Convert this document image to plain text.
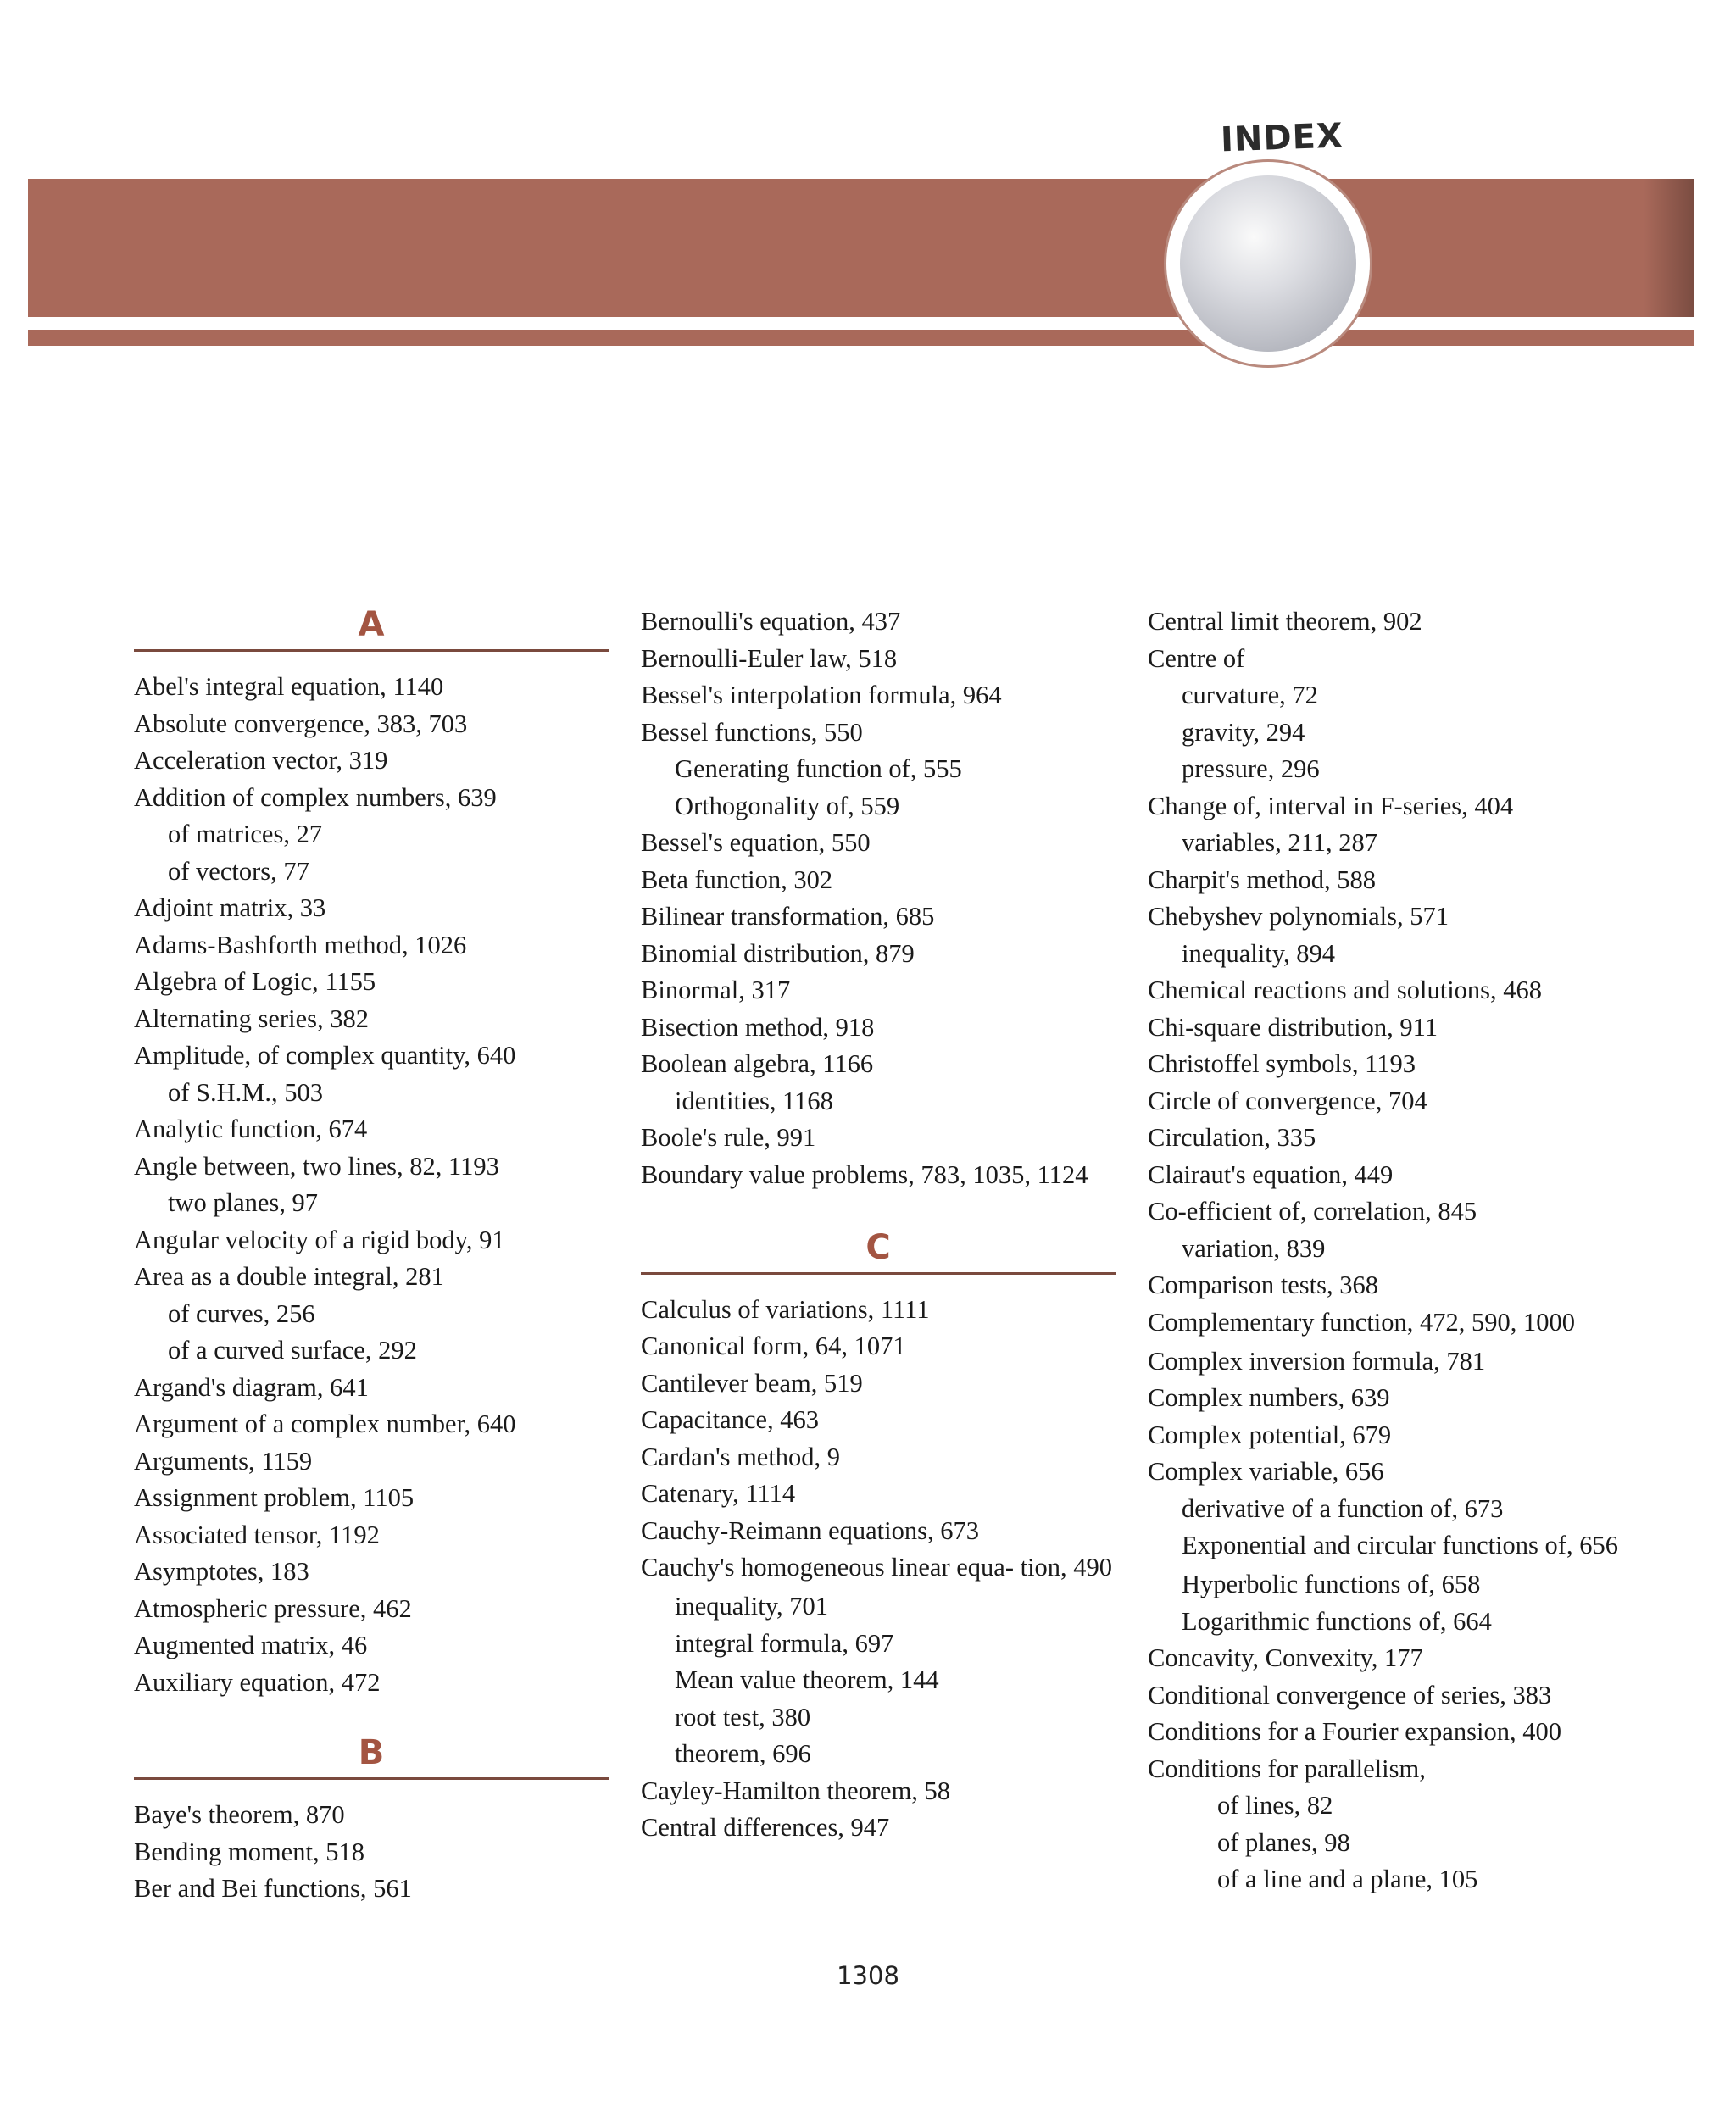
INDEX
A
Abel's integral equation, 1140
Absolute convergence, 383, 703
Acceleration vector, 319
Addition of complex numbers, 639
of matrices, 27
of vectors, 77
Adjoint matrix, 33
Adams-Bashforth method, 1026
Algebra of Logic, 1155
Alternating series, 382
Amplitude, of complex quantity, 640
of S.H.M., 503
Analytic function, 674
Angle between, two lines, 82, 1193
two planes, 97
Angular velocity of a rigid body, 91
Area as a double integral, 281
of curves, 256
of a curved surface, 292
Argand's diagram, 641
Argument of a complex number, 640
Arguments, 1159
Assignment problem, 1105
Associated tensor, 1192
Asymptotes, 183
Atmospheric pressure, 462
Augmented matrix, 46
Auxiliary equation, 472
B
Baye's theorem, 870
Bending moment, 518
Ber and Bei functions, 561
Bernoulli's equation, 437
Bernoulli-Euler law, 518
Bessel's interpolation formula, 964
Bessel functions, 550
Generating function of, 555
Orthogonality of, 559
Bessel's equation, 550
Beta function, 302
Bilinear transformation, 685
Binomial distribution, 879
Binormal, 317
Bisection method, 918
Boolean algebra, 1166
identities, 1168
Boole's rule, 991
Boundary value problems, 783, 1035, 1124
C
Calculus of variations, 1111
Canonical form, 64, 1071
Cantilever beam, 519
Capacitance, 463
Cardan's method, 9
Catenary, 1114
Cauchy-Reimann equations, 673
Cauchy's homogeneous linear equa- tion, 490
inequality, 701
integral formula, 697
Mean value theorem, 144
root test, 380
theorem, 696
Cayley-Hamilton theorem, 58
Central differences, 947
Central limit theorem, 902
Centre of
curvature, 72
gravity, 294
pressure, 296
Change of, interval in F-series, 404
variables, 211, 287
Charpit's method, 588
Chebyshev polynomials, 571
inequality, 894
Chemical reactions and solutions, 468
Chi-square distribution, 911
Christoffel symbols, 1193
Circle of convergence, 704
Circulation, 335
Clairaut's equation, 449
Co-efficient of, correlation, 845
variation, 839
Comparison tests, 368
Complementary function, 472, 590, 1000
Complex inversion formula, 781
Complex numbers, 639
Complex potential, 679
Complex variable, 656
derivative of a function of, 673
Exponential and circular functions of, 656
Hyperbolic functions of, 658
Logarithmic functions of, 664
Concavity, Convexity, 177
Conditional convergence of series, 383
Conditions for a Fourier expansion, 400
Conditions for parallelism,
of lines, 82
of planes, 98
of a line and a plane, 105
1308
